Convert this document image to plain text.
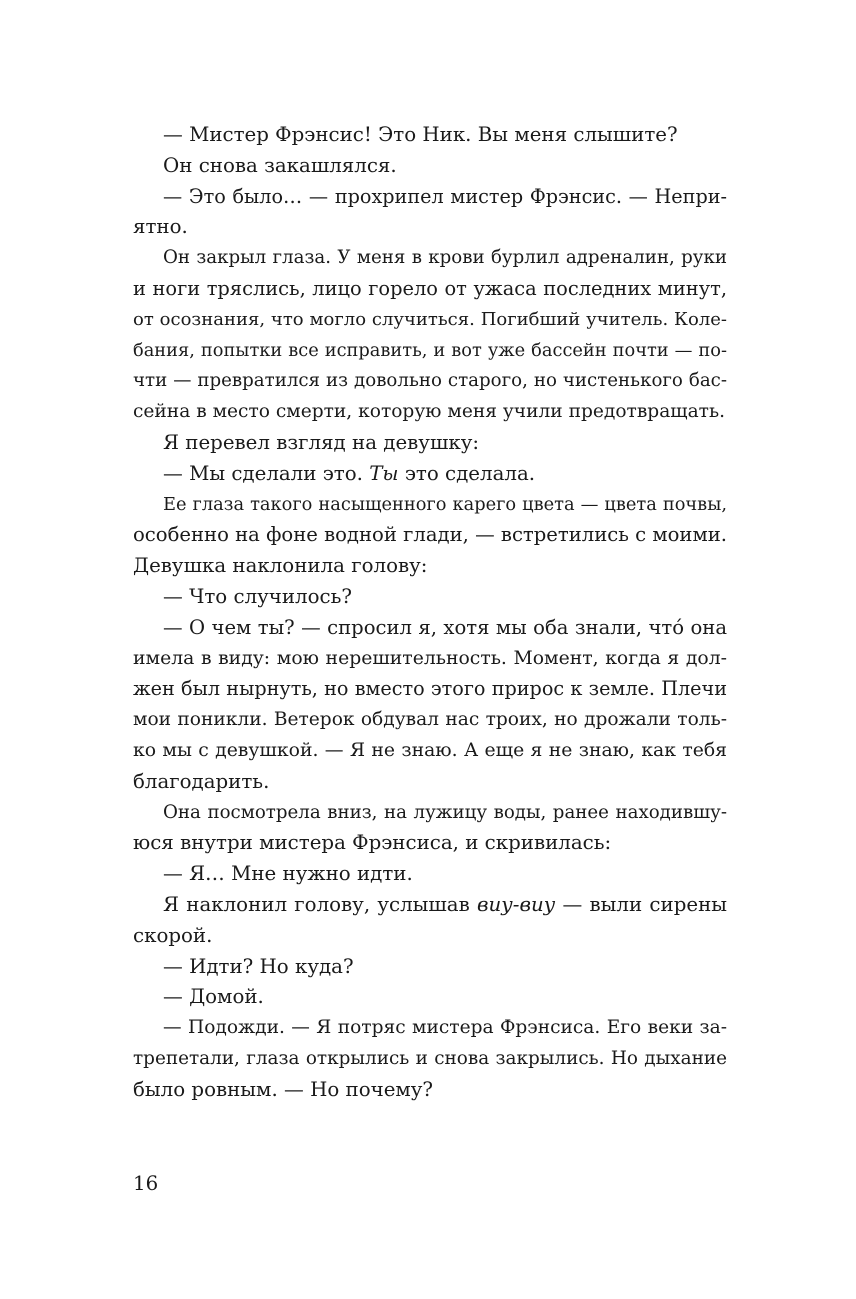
— Мистер Фрэнсис! Это Ник. Вы меня слышите?
Он снова закашлялся.
— Это было… — прохрипел мистер Фрэнсис. — Непри-
ятно.
Он закрыл глаза. У меня в крови бурлил адреналин, руки
и ноги тряслись, лицо горело от ужаса последних минут,
от осознания, что могло случиться. Погибший учитель. Коле-
бания, попытки все исправить, и вот уже бассейн почти — по-
чти — превратился из довольно старого, но чистенького бас-
сейна в место смерти, которую меня учили предотвращать.
Я перевел взгляд на девушку:
— Мы сделали это. Ты это сделала.
Ее глаза такого насыщенного карего цвета — цвета почвы,
особенно на фоне водной глади, — встретились с моими.
Девушка наклонила голову:
— Что случилось?
— О чем ты? — спросил я, хотя мы оба знали, что́ она
имела в виду: мою нерешительность. Момент, когда я дол-
жен был нырнуть, но вместо этого прирос к земле. Плечи
мои поникли. Ветерок обдувал нас троих, но дрожали толь-
ко мы с девушкой. — Я не знаю. А еще я не знаю, как тебя
благодарить.
Она посмотрела вниз, на лужицу воды, ранее находившу-
юся внутри мистера Фрэнсиса, и скривилась:
— Я… Мне нужно идти.
Я наклонил голову, услышав виу-виу — выли сирены
скорой.
— Идти? Но куда?
— Домой.
— Подожди. — Я потряс мистера Фрэнсиса. Его веки за-
трепетали, глаза открылись и снова закрылись. Но дыхание
было ровным. — Но почему?
16
